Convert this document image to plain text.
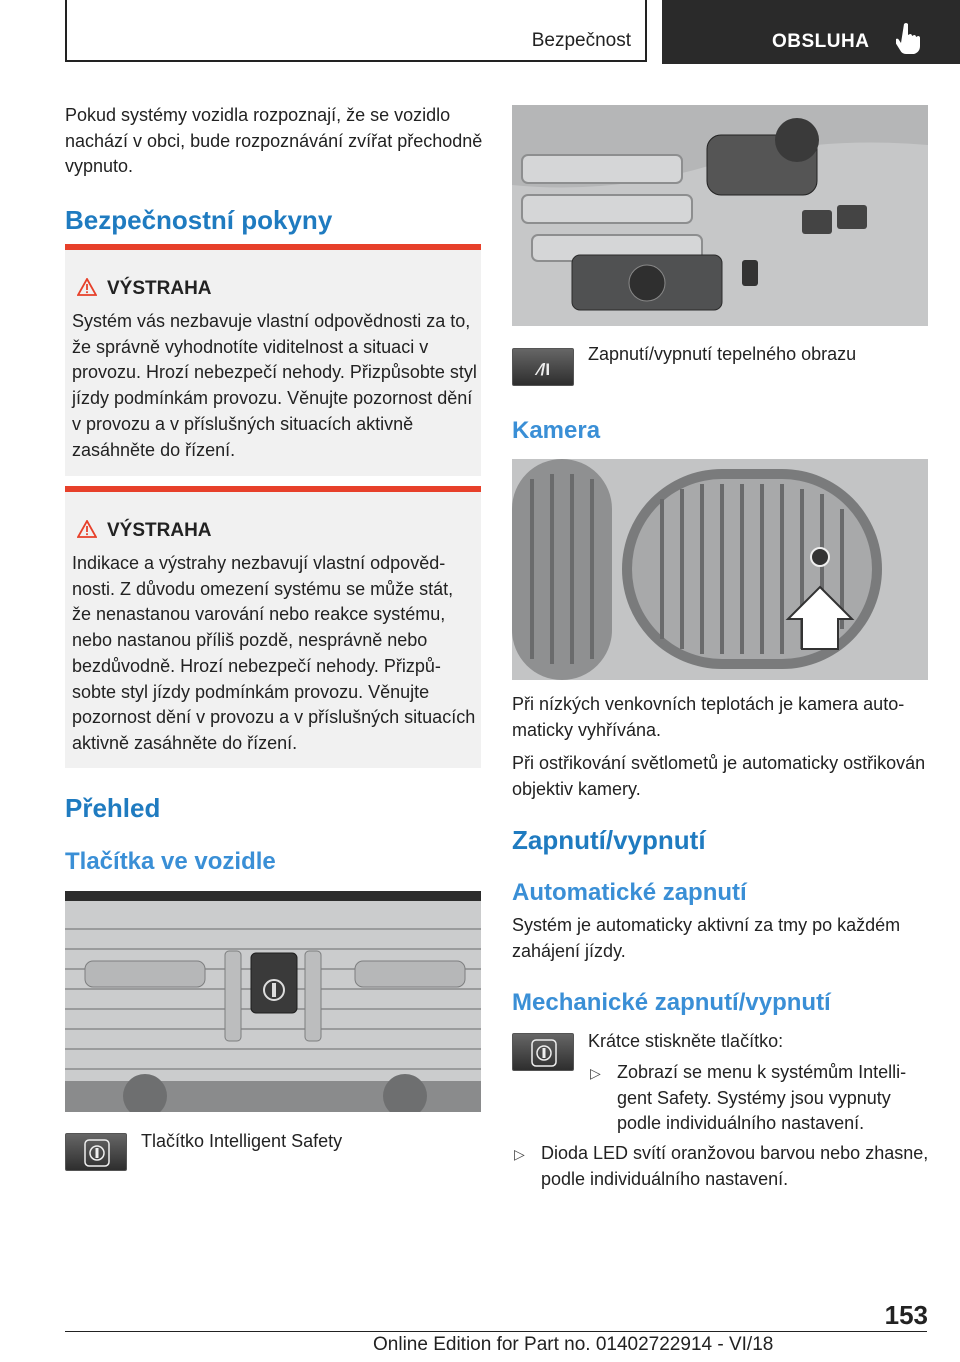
Bezpečnost	OBSLUHA

Pokud systémy vozidla rozpoznají, že se vozidlo nachází v obci, bude rozpoznávání zvířat přechodně vypnuto.

Bezpečnostní pokyny
VÝSTRAHA

Systém vás nezbavuje vlastní odpovědnosti za to, že správně vyhodnotíte viditelnost a situaci v provozu. Hrozí nebezpečí nehody. Přizpůsobte styl jízdy podmínkám provozu. Věnujte pozornost dění v provozu a v příslušných situacích aktivně zasáhněte do řízení.

VÝSTRAHA

Indikace a výstrahy nezbavují vlastní odpovědnosti. Z důvodu omezení systému se může stát, že nenastanou varování nebo reakce systému, nebo nastanou příliš pozdě, nesprávně nebo bezdůvodně. Hrozí nebezpečí nehody. Přizpůsobte styl jízdy podmínkám provozu. Věnujte pozornost dění v provozu a v příslušných situacích aktivně zasáhněte do řízení.

Přehled
Tlačítka ve vozidle
Tlačítko Intelligent Safety
⁄/I
Zapnutí/vypnutí tepelného obrazu
Kamera

Při nízkých venkovních teplotách je kamera automaticky vyhřívána.

Při ostřikování světlometů je automaticky ostřikován objektiv kamery.

Zapnutí/vypnutí
Automatické zapnutí

Systém je automaticky aktivní za tmy po každém zahájení jízdy.

Mechanické zapnutí/vypnutí

Krátce stiskněte tlačítko:

▷ Zobrazí se menu k systémům Intelligent Safety. Systémy jsou vypnuty podle individuálního nastavení.

▷ Dioda LED svítí oranžovou barvou nebo zhasne, podle individuálního nastavení.

153
Online Edition for Part no. 01402722914 - VI/18
